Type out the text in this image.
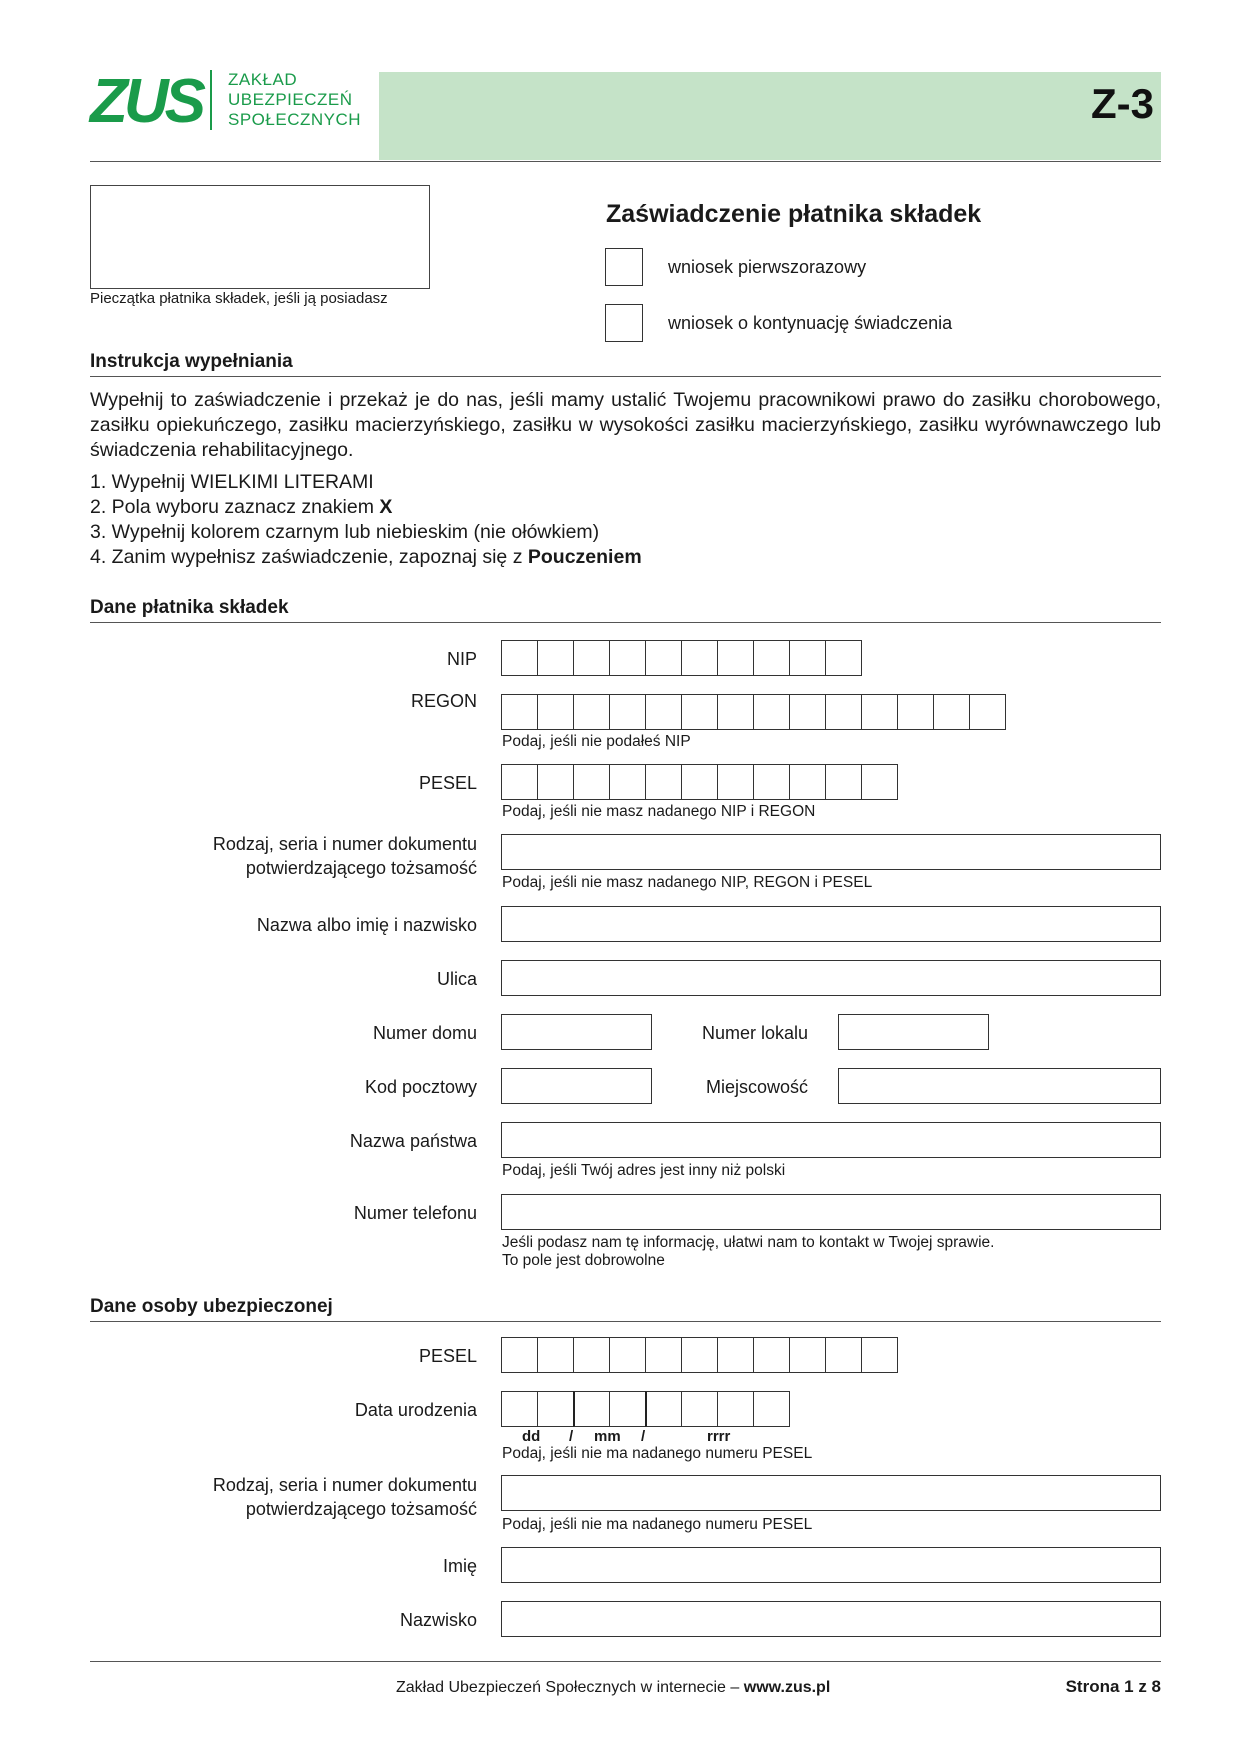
ZUS ZAKŁAD
UBEZPIECZEŃ
SPOŁECZNYCH	Z-3
Pieczątka płatnika składek, jeśli ją posiadasz
Zaświadczenie płatnika składek
wniosek pierwszorazowy
wniosek o kontynuację świadczenia
Instrukcja wypełniania
Wypełnij to zaświadczenie i przekaż je do nas, jeśli mamy ustalić Twojemu pracownikowi prawo do zasiłku chorobowego, zasiłku opiekuńczego, zasiłku macierzyńskiego, zasiłku w wysokości zasiłku macierzyńskiego, zasiłku wyrównawczego lub świadczenia rehabilitacyjnego.
1. Wypełnij WIELKIMI LITERAMI
2. Pola wyboru zaznacz znakiem X
3. Wypełnij kolorem czarnym lub niebieskim (nie ołówkiem)
4. Zanim wypełnisz zaświadczenie, zapoznaj się z Pouczeniem
Dane płatnika składek
NIP
REGON
Podaj, jeśli nie podałeś NIP
PESEL
Podaj, jeśli nie masz nadanego NIP i REGON
Rodzaj, seria i numer dokumentu
potwierdzającego tożsamość
Podaj, jeśli nie masz nadanego NIP, REGON i PESEL
Nazwa albo imię i nazwisko
Ulica
Numer domu	Numer lokalu
Kod pocztowy	Miejscowość
Nazwa państwa
Podaj, jeśli Twój adres jest inny niż polski
Numer telefonu
Jeśli podasz nam tę informację, ułatwi nam to kontakt w Twojej sprawie.
To pole jest dobrowolne
Dane osoby ubezpieczonej
PESEL
Data urodzenia
dd / mm /	rrrr
Podaj, jeśli nie ma nadanego numeru PESEL
Rodzaj, seria i numer dokumentu
potwierdzającego tożsamość
Podaj, jeśli nie ma nadanego numeru PESEL
Imię
Nazwisko
Zakład Ubezpieczeń Społecznych w internecie – www.zus.pl	Strona 1 z 8
